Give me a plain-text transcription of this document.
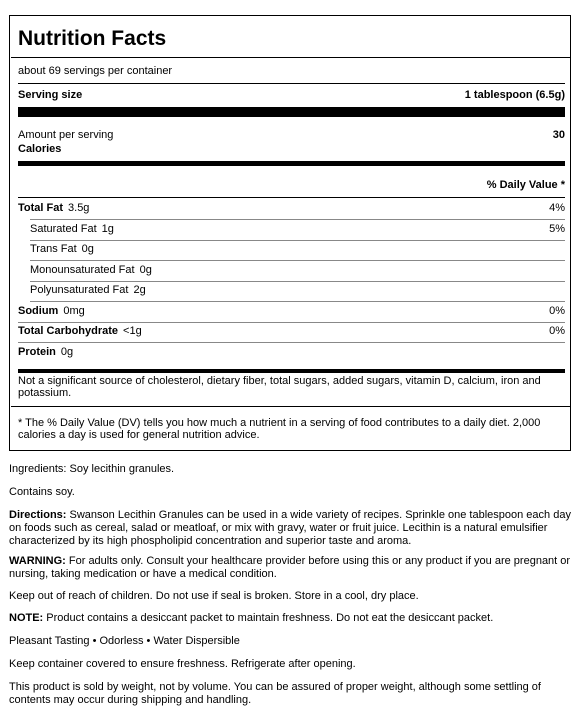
Nutrition Facts
about 69 servings per container
Serving size	1 tablespoon (6.5g)
Amount per serving	30
Calories
% Daily Value *
Total Fat 3.5g	4%
Saturated Fat 1g	5%
Trans Fat 0g
Monounsaturated Fat 0g
Polyunsaturated Fat 2g
Sodium 0mg	0%
Total Carbohydrate <1g	0%
Protein 0g
Not a significant source of cholesterol, dietary fiber, total sugars, added sugars, vitamin D, calcium, iron and potassium.
* The % Daily Value (DV) tells you how much a nutrient in a serving of food contributes to a daily diet. 2,000 calories a day is used for general nutrition advice.
Ingredients: Soy lecithin granules.
Contains soy.
Directions: Swanson Lecithin Granules can be used in a wide variety of recipes. Sprinkle one tablespoon each day on foods such as cereal, salad or meatloaf, or mix with gravy, water or fruit juice. Lecithin is a natural emulsifier characterized by its high phospholipid concentration and superior taste and aroma.
WARNING: For adults only. Consult your healthcare provider before using this or any product if you are pregnant or nursing, taking medication or have a medical condition.
Keep out of reach of children. Do not use if seal is broken. Store in a cool, dry place.
NOTE: Product contains a desiccant packet to maintain freshness. Do not eat the desiccant packet.
Pleasant Tasting • Odorless • Water Dispersible
Keep container covered to ensure freshness. Refrigerate after opening.
This product is sold by weight, not by volume. You can be assured of proper weight, although some settling of contents may occur during shipping and handling.
